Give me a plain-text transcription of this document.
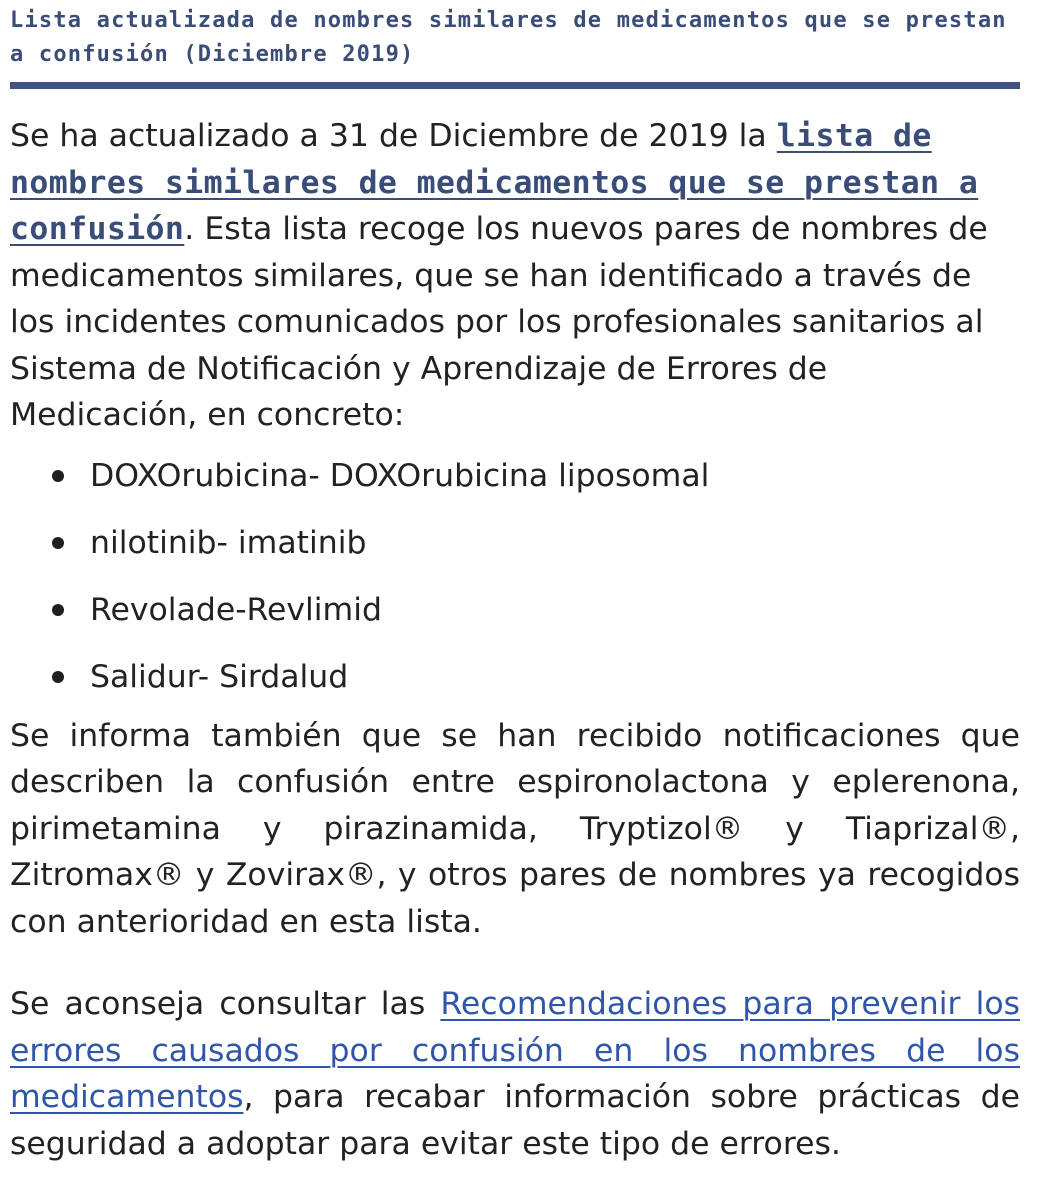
Lista actualizada de nombres similares de medicamentos que se prestan a confusión (Diciembre 2019)

Se ha actualizado a 31 de Diciembre de 2019 la lista de nombres similares de medicamentos que se prestan a confusión. Esta lista recoge los nuevos pares de nombres de medicamentos similares, que se han identificado a través de los incidentes comunicados por los profesionales sanitarios al Sistema de Notificación y Aprendizaje de Errores de Medicación, en concreto:

DOXOrubicina- DOXOrubicina liposomal
nilotinib- imatinib
Revolade-Revlimid
Salidur- Sirdalud

Se informa también que se han recibido notificaciones que describen la confusión entre espironolactona y eplerenona, pirimetamina y pirazinamida, Tryptizol® y Tiaprizal®, Zitromax® y Zovirax®, y otros pares de nombres ya recogidos con anterioridad en esta lista.

Se aconseja consultar las Recomendaciones para prevenir los errores causados por confusión en los nombres de los medicamentos, para recabar información sobre prácticas de seguridad a adoptar para evitar este tipo de errores.
